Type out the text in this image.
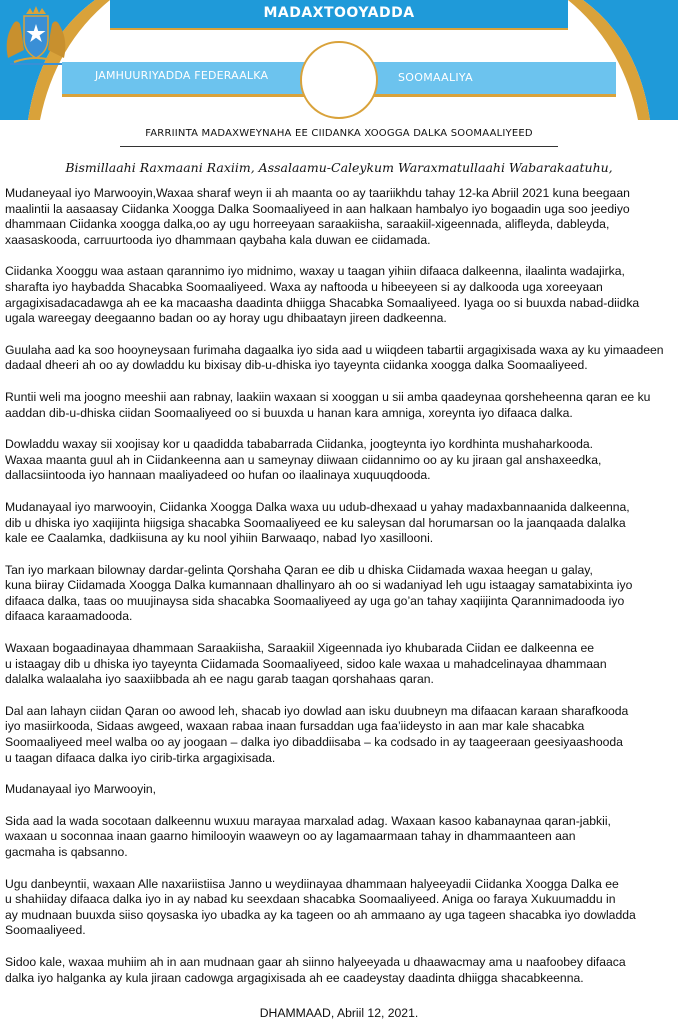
MADAXTOOYADDA
JAMHUURIYADDA FEDERAALKA	SOOMAALIYA
FARRIINTA MADAXWEYNAHA EE CIIDANKA XOOGGA DALKA SOOMAALIYEED
Bismillaahi Raxmaani Raxiim, Assalaamu-Caleykum Waraxmatullaahi Wabarakaatuhu,
Mudaneyaal iyo Marwooyin,Waxaa sharaf weyn ii ah maanta oo ay taariikhdu tahay 12-ka Abriil 2021 kuna beegaan
maalintii la aasaasay Ciidanka Xoogga Dalka Soomaaliyeed in aan halkaan hambalyo iyo bogaadin uga soo jeediyo
dhammaan Ciidanka xoogga dalka,oo ay ugu horreeyaan saraakiisha, saraakiil-xigeennada, alifleyda, dableyda,
xaasaskooda, carruurtooda iyo dhammaan qaybaha kala duwan ee ciidamada.
Ciidanka Xooggu waa astaan qarannimo iyo midnimo, waxay u taagan yihiin difaaca dalkeenna, ilaalinta wadajirka,
sharafta iyo haybadda Shacabka Soomaaliyeed. Waxa ay naftooda u hibeeyeen si ay dalkooda uga xoreeyaan
argagixisadacadawga ah ee ka macaasha daadinta dhiigga Shacabka Somaaliyeed. Iyaga oo si buuxda nabad-diidka
ugala wareegay deegaanno badan oo ay horay ugu dhibaatayn jireen dadkeenna.
Guulaha aad ka soo hooyneysaan furimaha dagaalka iyo sida aad u wiiqdeen tabartii argagixisada waxa ay ku yimaadeen
dadaal dheeri ah oo ay dowladdu ku bixisay dib-u-dhiska iyo tayeynta ciidanka xoogga dalka Soomaaliyeed.
Runtii weli ma joogno meeshii aan rabnay, laakiin waxaan si xooggan u sii amba qaadeynaa qorsheheenna qaran ee ku
aaddan dib-u-dhiska ciidan Soomaaliyeed oo si buuxda u hanan kara amniga, xoreynta iyo difaaca dalka.
Dowladdu waxay sii xoojisay kor u qaadidda tababarrada Ciidanka, joogteynta iyo kordhinta mushaharkooda.
Waxaa maanta guul ah in Ciidankeenna aan u sameynay diiwaan ciidannimo oo ay ku jiraan gal anshaxeedka,
dallacsiintooda iyo hannaan maaliyadeed oo hufan oo ilaalinaya xuquuqdooda.
Mudanayaal iyo marwooyin, Ciidanka Xoogga Dalka waxa uu udub-dhexaad u yahay madaxbannaanida dalkeenna,
dib u dhiska iyo xaqiijinta hiigsiga shacabka Soomaaliyeed ee ku saleysan dal horumarsan oo la jaanqaada dalalka
kale ee Caalamka, dadkiisuna ay ku nool yihiin Barwaaqo, nabad Iyo xasillooni.
Tan iyo markaan bilownay dardar-gelinta Qorshaha Qaran ee dib u dhiska Ciidamada waxaa heegan u galay,
kuna biiray Ciidamada Xoogga Dalka kumannaan dhallinyaro ah oo si wadaniyad leh ugu istaagay samatabixinta iyo
difaaca dalka, taas oo muujinaysa sida shacabka Soomaaliyeed ay uga go’an tahay xaqiijinta Qarannimadooda iyo
difaaca karaamadooda.
Waxaan bogaadinayaa dhammaan Saraakiisha, Saraakiil Xigeennada iyo khubarada Ciidan ee dalkeenna ee
u istaagay dib u dhiska iyo tayeynta Ciidamada Soomaaliyeed, sidoo kale waxaa u mahadcelinayaa dhammaan
dalalka walaalaha iyo saaxiibbada ah ee nagu garab taagan qorshahaas qaran.
Dal aan lahayn ciidan Qaran oo awood leh, shacab iyo dowlad aan isku duubneyn ma difaacan karaan sharafkooda
iyo masiirkooda, Sidaas awgeed, waxaan rabaa inaan fursaddan uga faa’iideysto in aan mar kale shacabka
Soomaaliyeed meel walba oo ay joogaan – dalka iyo dibaddiisaba – ka codsado in ay taageeraan geesiyaashooda
u taagan difaaca dalka iyo cirib-tirka argagixisada.
Mudanayaal iyo Marwooyin,
Sida aad la wada socotaan dalkeennu wuxuu marayaa marxalad adag. Waxaan kasoo kabanaynaa qaran-jabkii,
waxaan u soconnaa inaan gaarno himilooyin waaweyn oo ay lagamaarmaan tahay in dhammaanteen aan
gacmaha is qabsanno.
Ugu danbeyntii, waxaan Alle naxariistiisa Janno u weydiinayaa dhammaan halyeeyadii Ciidanka Xoogga Dalka ee
u shahiiday difaaca dalka iyo in ay nabad ku seexdaan shacabka Soomaaliyeed. Aniga oo faraya Xukuumaddu in
ay mudnaan buuxda siiso qoysaska iyo ubadka ay ka tageen oo ah ammaano ay uga tageen shacabka iyo dowladda
Soomaaliyeed.
Sidoo kale, waxaa muhiim ah in aan mudnaan gaar ah siinno halyeeyada u dhaawacmay ama u naafoobey difaaca
dalka iyo halganka ay kula jiraan cadowga argagixisada ah ee caadeystay daadinta dhiigga shacabkeenna.
DHAMMAAD, Abriil 12, 2021.
